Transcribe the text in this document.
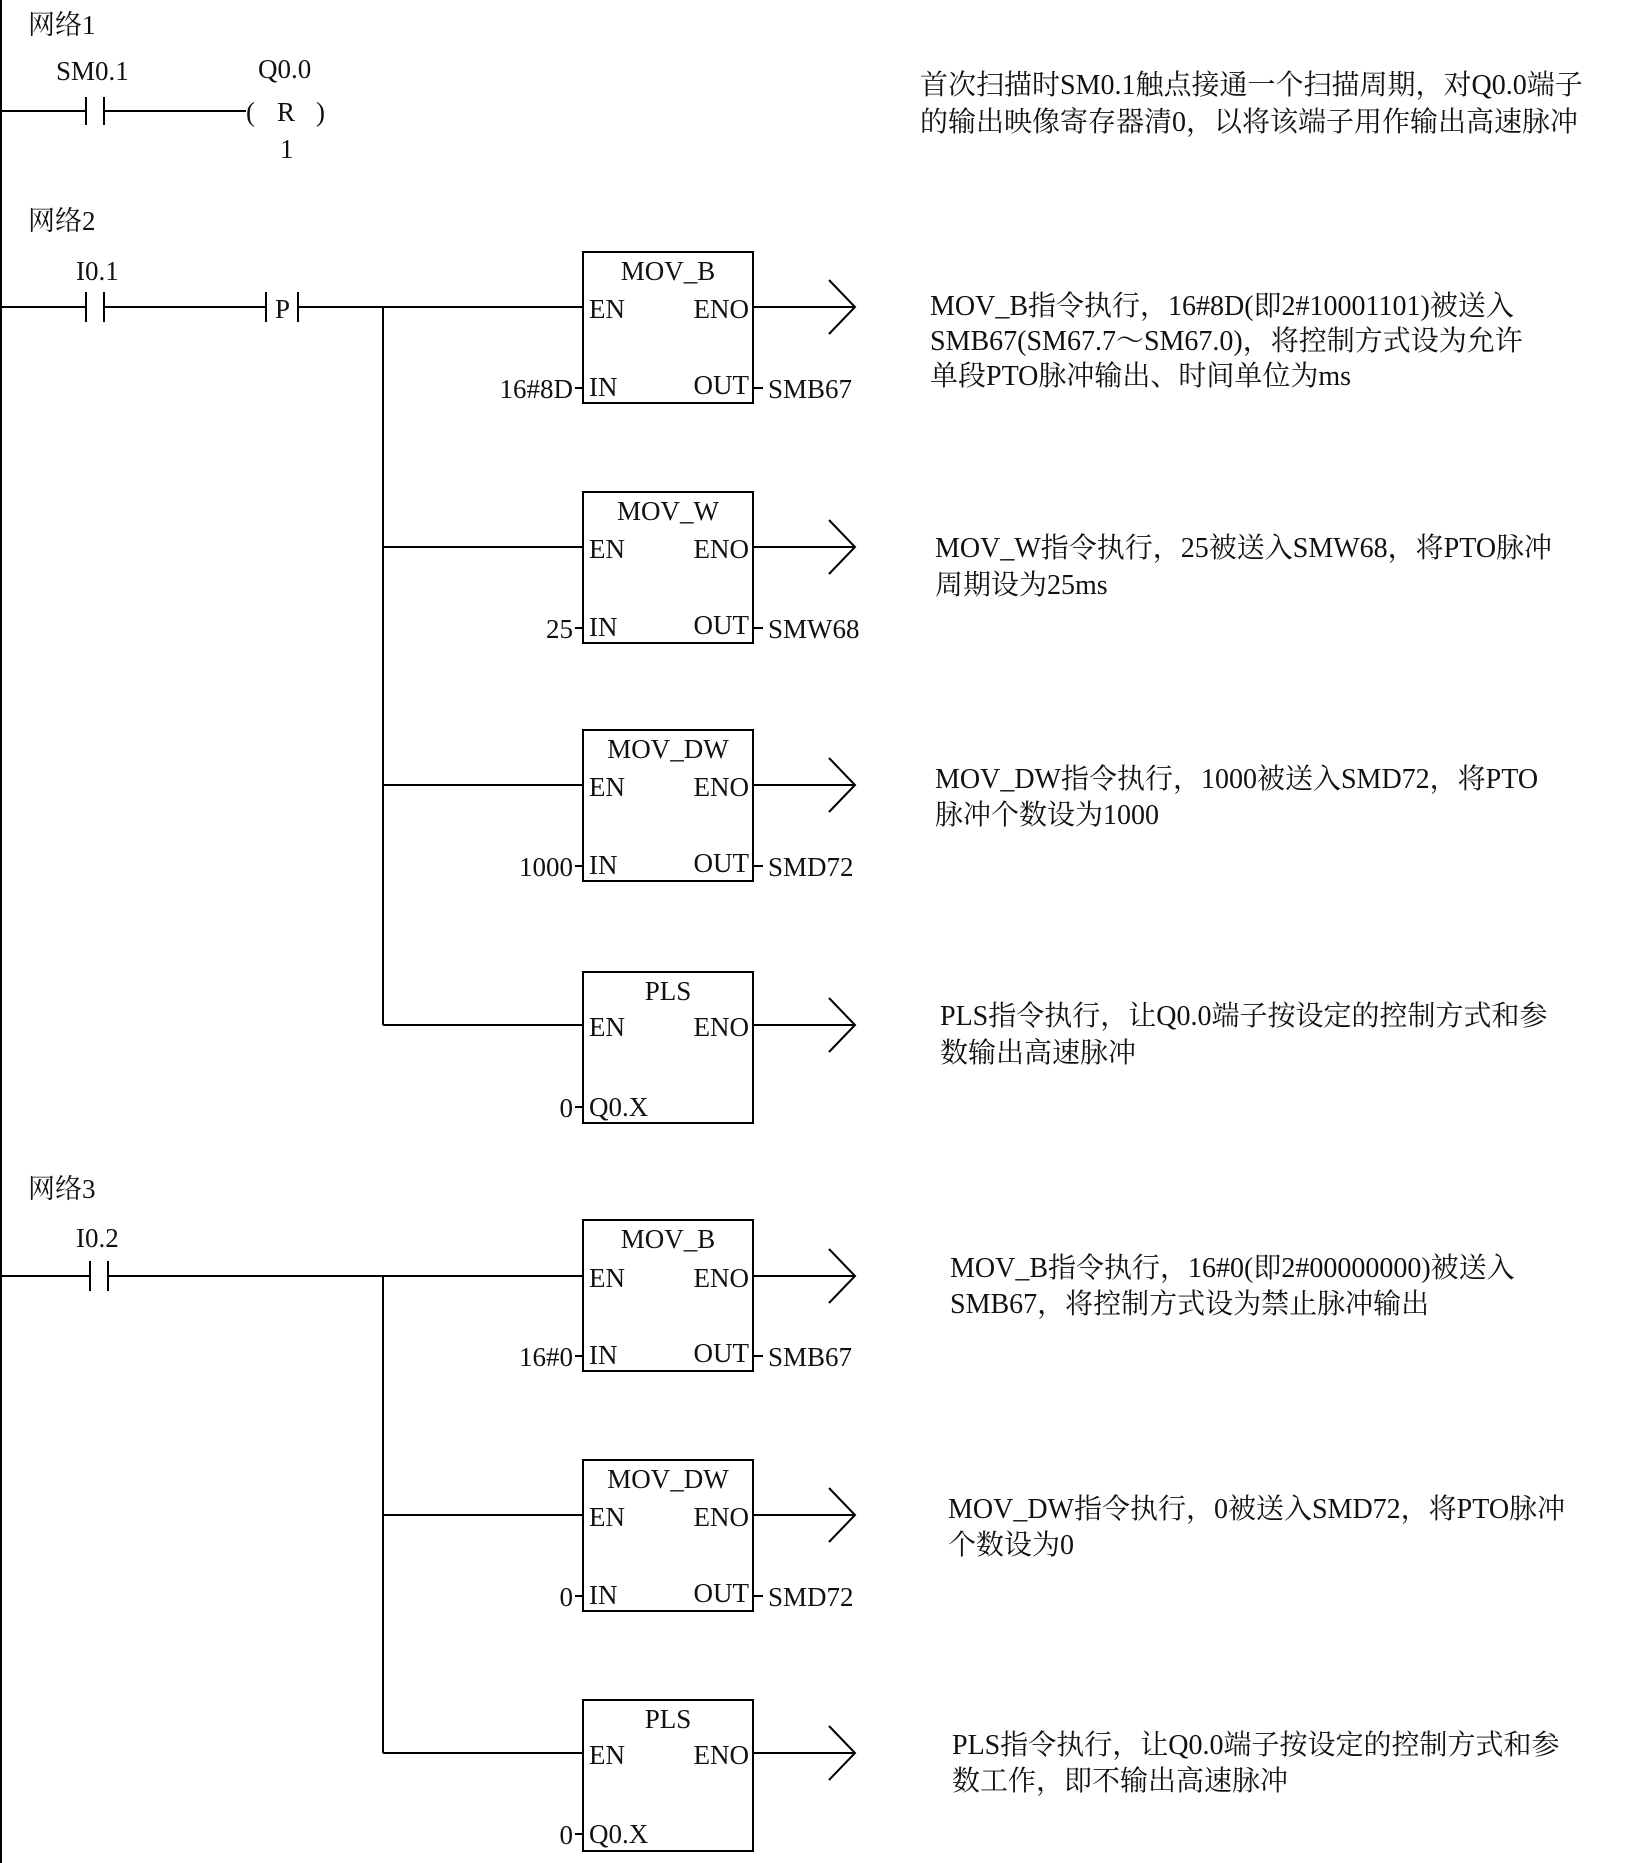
网络1
SM0.1	Q0.0
( R )
1
首次扫描时SM0.1触点接通一个扫描周期，对Q0.0端子
的输出映像寄存器清0，以将该端子用作输出高速脉冲
网络2
I0.1
P
MOV_B
EN	ENO
IN	OUT
16#8D	SMB67
MOV_B指令执行，16#8D(即2#10001101)被送入
SMB67(SM67.7～SM67.0)，将控制方式设为允许
单段PTO脉冲输出、时间单位为ms
MOV_W
EN	ENO
IN	OUT
25	SMW68
MOV_W指令执行，25被送入SMW68，将PTO脉冲
周期设为25ms
MOV_DW
EN	ENO
IN	OUT
1000	SMD72
MOV_DW指令执行，1000被送入SMD72，将PTO
脉冲个数设为1000
PLS
EN	ENO
Q0.X
0
PLS指令执行，让Q0.0端子按设定的控制方式和参
数输出高速脉冲
网络3
I0.2	MOV_B
EN	ENO
IN	OUT
16#0	SMB67
MOV_B指令执行，16#0(即2#00000000)被送入
SMB67，将控制方式设为禁止脉冲输出
MOV_DW
EN	ENO
IN	OUT
0	SMD72
MOV_DW指令执行，0被送入SMD72，将PTO脉冲
个数设为0
PLS
EN	ENO
Q0.X
0
PLS指令执行，让Q0.0端子按设定的控制方式和参
数工作，即不输出高速脉冲
